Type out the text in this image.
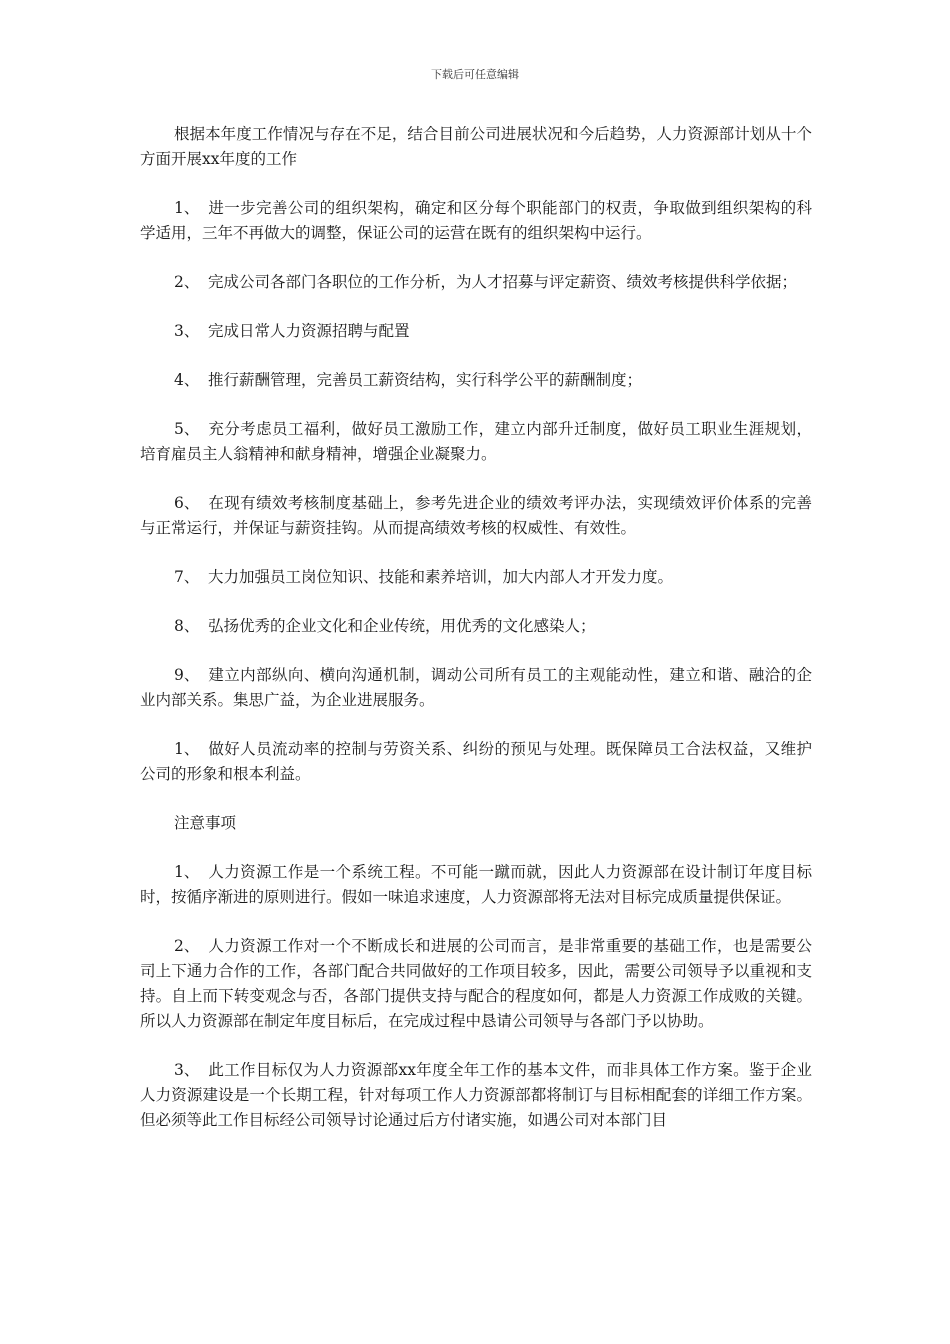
下载后可任意编辑

根据本年度工作情况与存在不足，结合目前公司进展状况和今后趋势，人力资源部计划从十个方面开展xx年度的工作

1、 进一步完善公司的组织架构，确定和区分每个职能部门的权责，争取做到组织架构的科学适用，三年不再做大的调整，保证公司的运营在既有的组织架构中运行。

2、 完成公司各部门各职位的工作分析，为人才招募与评定薪资、绩效考核提供科学依据；

3、 完成日常人力资源招聘与配置

4、 推行薪酬管理，完善员工薪资结构，实行科学公平的薪酬制度；

5、 充分考虑员工福利，做好员工激励工作，建立内部升迁制度，做好员工职业生涯规划，培育雇员主人翁精神和献身精神，增强企业凝聚力。

6、 在现有绩效考核制度基础上，参考先进企业的绩效考评办法，实现绩效评价体系的完善与正常运行，并保证与薪资挂钩。从而提高绩效考核的权威性、有效性。

7、 大力加强员工岗位知识、技能和素养培训，加大内部人才开发力度。

8、 弘扬优秀的企业文化和企业传统，用优秀的文化感染人；

9、 建立内部纵向、横向沟通机制，调动公司所有员工的主观能动性，建立和谐、融洽的企业内部关系。集思广益，为企业进展服务。

1、 做好人员流动率的控制与劳资关系、纠纷的预见与处理。既保障员工合法权益，又维护公司的形象和根本利益。

注意事项

1、 人力资源工作是一个系统工程。不可能一蹴而就，因此人力资源部在设计制订年度目标时，按循序渐进的原则进行。假如一味追求速度，人力资源部将无法对目标完成质量提供保证。

2、 人力资源工作对一个不断成长和进展的公司而言，是非常重要的基础工作，也是需要公司上下通力合作的工作，各部门配合共同做好的工作项目较多，因此，需要公司领导予以重视和支持。自上而下转变观念与否，各部门提供支持与配合的程度如何，都是人力资源工作成败的关键。所以人力资源部在制定年度目标后，在完成过程中恳请公司领导与各部门予以协助。

3、 此工作目标仅为人力资源部xx年度全年工作的基本文件，而非具体工作方案。鉴于企业人力资源建设是一个长期工程，针对每项工作人力资源部都将制订与目标相配套的详细工作方案。但必须等此工作目标经公司领导讨论通过后方付诸实施，如遇公司对本部门目
